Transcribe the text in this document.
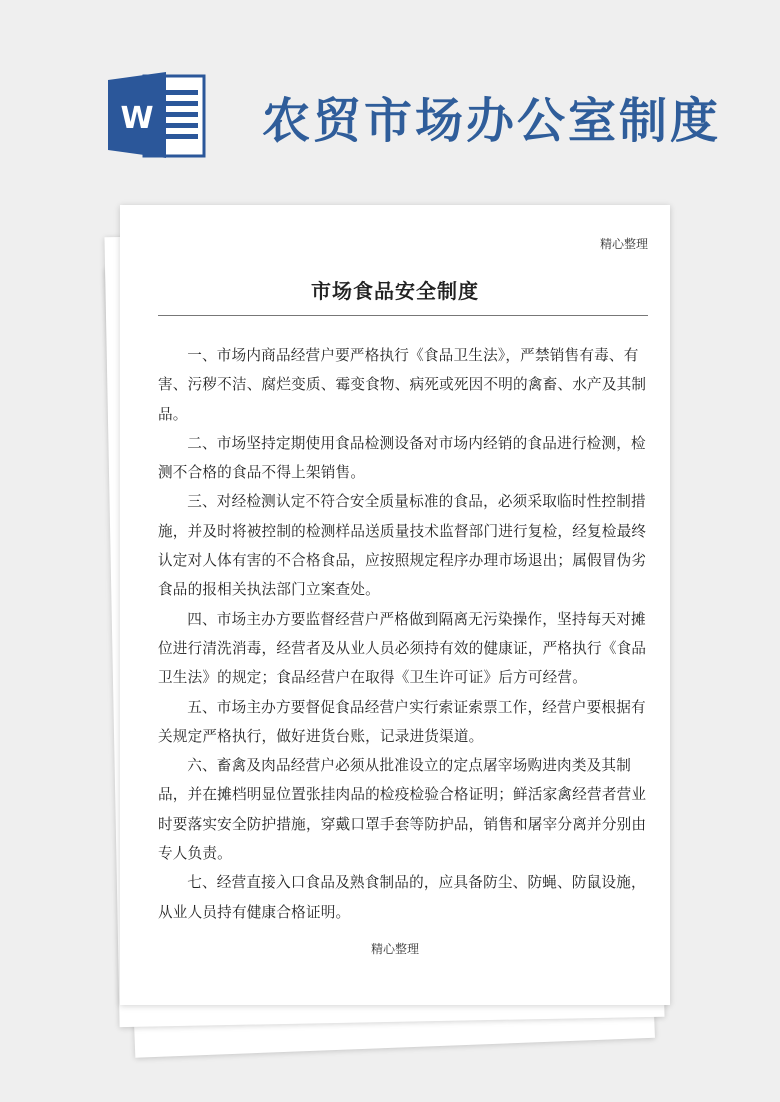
W 农贸市场办公室制度
精心整理
市场食品安全制度

一、市场内商品经营户要严格执行《食品卫生法》，严禁销售有毒、有害、污秽不洁、腐烂变质、霉变食物、病死或死因不明的禽畜、水产及其制品。

二、市场坚持定期使用食品检测设备对市场内经销的食品进行检测，检测不合格的食品不得上架销售。

三、对经检测认定不符合安全质量标准的食品，必须采取临时性控制措施，并及时将被控制的检测样品送质量技术监督部门进行复检，经复检最终认定对人体有害的不合格食品，应按照规定程序办理市场退出；属假冒伪劣食品的报相关执法部门立案查处。

四、市场主办方要监督经营户严格做到隔离无污染操作，坚持每天对摊位进行清洗消毒，经营者及从业人员必须持有效的健康证，严格执行《食品卫生法》的规定；食品经营户在取得《卫生许可证》后方可经营。

五、市场主办方要督促食品经营户实行索证索票工作，经营户要根据有关规定严格执行，做好进货台账，记录进货渠道。

六、畜禽及肉品经营户必须从批准设立的定点屠宰场购进肉类及其制品，并在摊档明显位置张挂肉品的检疫检验合格证明；鲜活家禽经营者营业时要落实安全防护措施，穿戴口罩手套等防护品，销售和屠宰分离并分别由专人负责。

七、经营直接入口食品及熟食制品的，应具备防尘、防蝇、防鼠设施，从业人员持有健康合格证明。

精心整理
